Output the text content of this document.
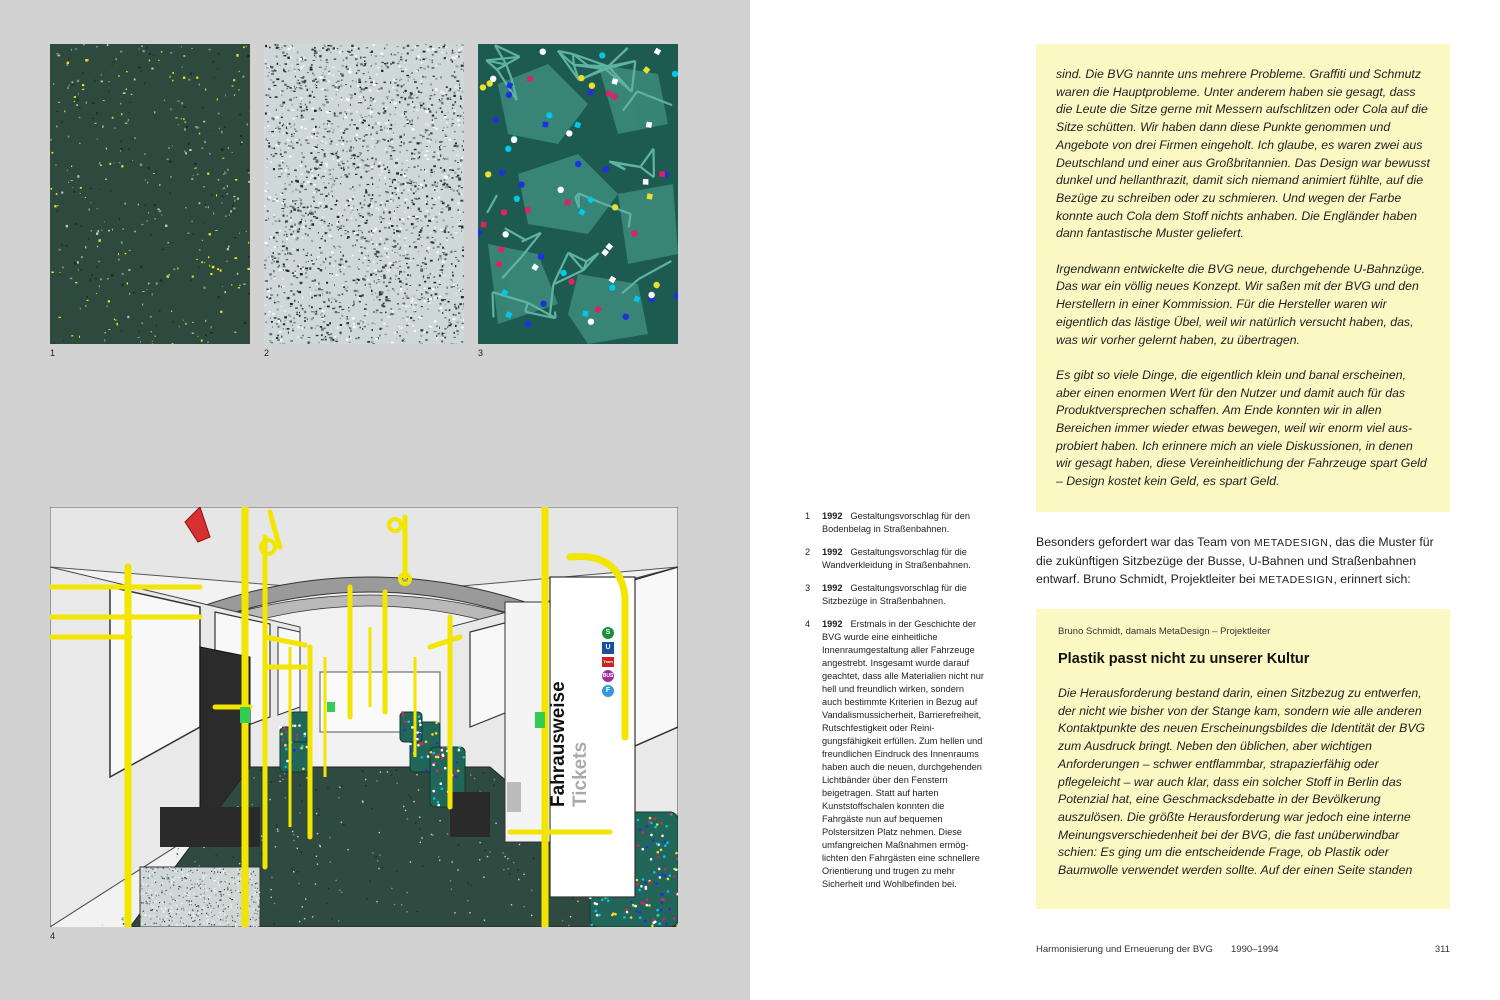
1	2	3
S
U
Tram
BUS
F
Fahrausweise Tickets
4
1 1992 Gestaltungsvorschlag für den Bodenbelag in Straßenbahnen.
2 1992 Gestaltungsvorschlag für die Wandverkleidung in Straßenbahnen.
3 1992 Gestaltungsvorschlag für die Sitzbezüge in Straßenbahnen.
4 1992 Erstmals in der Geschichte der BVG wurde eine einheitliche Innenraumgestaltung aller Fahrzeuge angestrebt. Insgesamt wurde darauf geachtet, dass alle Materialien nicht nur hell und freundlich wirken, sondern auch bestimmte Kriterien in Bezug auf Vandalismussicherheit, Barrierefreiheit, Rutschfestigkeit oder Reinigungsfähigkeit erfüllen. Zum hellen und freundlichen Eindruck des Innenraums haben auch die neuen, durchgehenden Lichtbänder über den Fenstern beigetragen. Statt auf harten Kunststoffschalen konnten die Fahrgäste nun auf bequemen Polstersitzen Platz nehmen. Diese umfangreichen Maßnahmen ermöglichten den Fahrgästen eine schnellere Orientierung und trugen zu mehr Sicherheit und Wohlbefinden bei.

sind. Die BVG nannte uns mehrere Probleme. Graffiti und Schmutz waren die Hauptprobleme. Unter anderem haben sie gesagt, dass die Leute die Sitze gerne mit Messern aufschlitzen oder Cola auf die Sitze schütten. Wir haben dann diese Punkte genommen und Angebote von drei Firmen eingeholt. Ich glaube, es waren zwei aus Deutschland und einer aus Großbritannien. Das Design war bewusst dunkel und hellanthrazit, damit sich niemand animiert fühlte, auf die Bezüge zu schreiben oder zu schmieren. Und wegen der Farbe konnte auch Cola dem Stoff nichts anhaben. Die Engländer haben dann fantastische Muster geliefert.

Irgendwann entwickelte die BVG neue, durchgehende U-Bahnzüge. Das war ein völlig neues Konzept. Wir saßen mit der BVG und den Herstellern in einer Kommission. Für die Hersteller waren wir eigentlich das lästige Übel, weil wir natürlich versucht haben, das, was wir vorher gelernt haben, zu übertragen.

Es gibt so viele Dinge, die eigentlich klein und banal erscheinen, aber einen enormen Wert für den Nutzer und damit auch für das Produktversprechen schaffen. Am Ende konnten wir in allen Bereichen immer wieder etwas bewegen, weil wir enorm viel ausprobiert haben. Ich erinnere mich an viele Diskussionen, in denen wir gesagt haben, diese Vereinheitlichung der Fahrzeuge spart Geld – Design kostet kein Geld, es spart Geld.

Besonders gefordert war das Team von METADESIGN, das die Muster für die zukünftigen Sitzbezüge der Busse, U-Bahnen und Straßenbahnen entwarf. Bruno Schmidt, Projektleiter bei METADESIGN, erinnert sich:
Bruno Schmidt, damals MetaDesign – Projektleiter
Plastik passt nicht zu unserer Kultur
Die Herausforderung bestand darin, einen Sitzbezug zu entwerfen, der nicht wie bisher von der Stange kam, sondern wie alle anderen Kontaktpunkte des neuen Erscheinungsbildes die Identität der BVG zum Ausdruck bringt. Neben den üblichen, aber wichtigen Anforderungen – schwer entflammbar, strapazierfähig oder pflegeleicht – war auch klar, dass ein solcher Stoff in Berlin das Potenzial hat, eine Geschmacksdebatte in der Bevölkerung auszulösen. Die größte Herausforderung war jedoch eine interne Meinungsverschiedenheit bei der BVG, die fast unüberwindbar schien: Es ging um die entscheidende Frage, ob Plastik oder Baumwolle verwendet werden sollte. Auf der einen Seite standen
Harmonisierung und Erneuerung der BVG 1990–1994	311
